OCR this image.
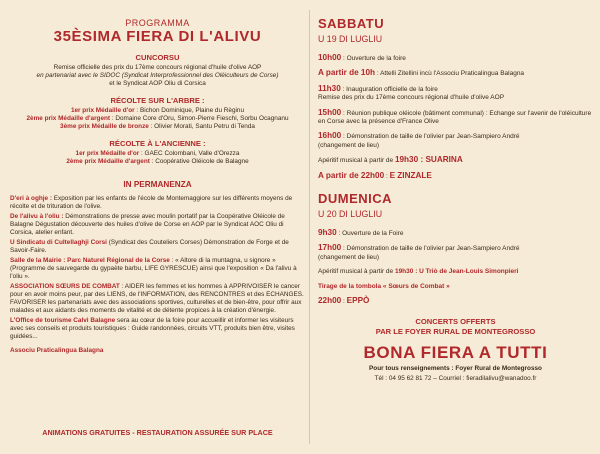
PROGRAMMA
35ÈSIMA FIERA DI L'ALIVU
CUNCORSU
Remise officielle des prix du 17ème concours régional d'huile d'olive AOP
en partenariat avec le SIDOC (Syndicat Interprofessionnel des Oléiculteurs de Corse)
et le Syndicat AOP Oliu di Corsica
RÉCOLTE SUR L'ARBRE :
1er prix Médaille d'or : Bichon Dominique, Plaine du Règinu
2ème prix Médaille d'argent : Domaine Core d'Oru, Simon-Pierre Fieschi, Sorbu Ocagnanu
3ème prix Médaille de bronze : Olivier Morati, Santu Petru di Tenda
RÉCOLTE À L'ANCIENNE :
1er prix Médaille d'or : GAEC Colombani, Valle d'Orezza
2ème prix Médaille d'argent : Coopérative Oléicole de Balagne
IN PERMANENZA
D'eri à oghje : Exposition par les enfants de l'école de Montemaggiore sur les différents moyens de récolte et de trituration de l'olive.
De l'alivu à l'oliu : Démonstrations de presse avec moulin portatif par la Coopérative Oléicole de Balagne Dégustation découverte des huiles d'olive de Corse en AOP par le Syndicat AOC Oliu di Corsica, atelier enfant.
U Sindicatu di Cultellaghji Corsi (Syndicat des Couteliers Corses) Démonstration de Forge et de Savoir-Faire.
Salle de la Mairie : Parc Naturel Régional de la Corse : « Altore di la muntagna, u signore » (Programme de sauvegarde du gypaète barbu, LIFE GYRESCUE) ainsi que l'exposition « Da l'alivu à l'oliu ».
ASSOCIATION SŒURS DE COMBAT : AIDER les femmes et les hommes à APPRIVOISER le cancer pour en avoir moins peur, par des LIENS, de l'INFORMATION, des RENCONTRES et des ECHANGES. FAVORISER les partenariats avec des associations sportives, culturelles et de bien-être, pour offrir aux malades et aux aidants des moments de vitalité et de détente propices à la création d'énergie.
L'Office de tourisme Calvi Balagne sera au cœur de la foire pour accueillir et informer les visiteurs avec ses conseils et produits touristiques : Guide randonnées, circuits VTT, produits bien être, visites guidées...
Associu Praticalingua Balagna
ANIMATIONS GRATUITES - RESTAURATION ASSURÉE SUR PLACE
SABBATU
U 19 DI LUGLIU
10h00 : Ouverture de la foire
A partir de 10h : Attelli Zitellini incù l'Associu Praticalingua Balagna
11h30 : Inauguration officielle de la foire
Remise des prix du 17ème concours régional d'huile d'olive AOP
15h00 : Réunion publique oléicole (bâtiment communal) : Echange sur l'avenir de l'oléiculture en Corse avec la présence d'France Olive
16h00 : Démonstration de taille de l'olivier par Jean-Sampiero André
(changement de lieu)
Apéritif musical à partir de 19h30 : SUARINA
A partir de 22h00 : E ZINZALE
DUMENICA
U 20 DI LUGLIU
9h30 : Ouverture de la Foire
17h00 : Démonstration de taille de l'olivier par Jean-Sampiero André
(changement de lieu)
Apéritif musical à partir de 19h30 : U Triò de Jean-Louis Simonpieri
Tirage de la tombola « Sœurs de Combat »
22h00 : EPPÒ
CONCERTS OFFERTS
PAR LE FOYER RURAL DE MONTEGROSSO
BONA FIERA A TUTTI
Pour tous renseignements : Foyer Rural de Montegrosso
Tél : 04 95 62 81 72 – Courriel : fieradilalivu@wanadoo.fr
